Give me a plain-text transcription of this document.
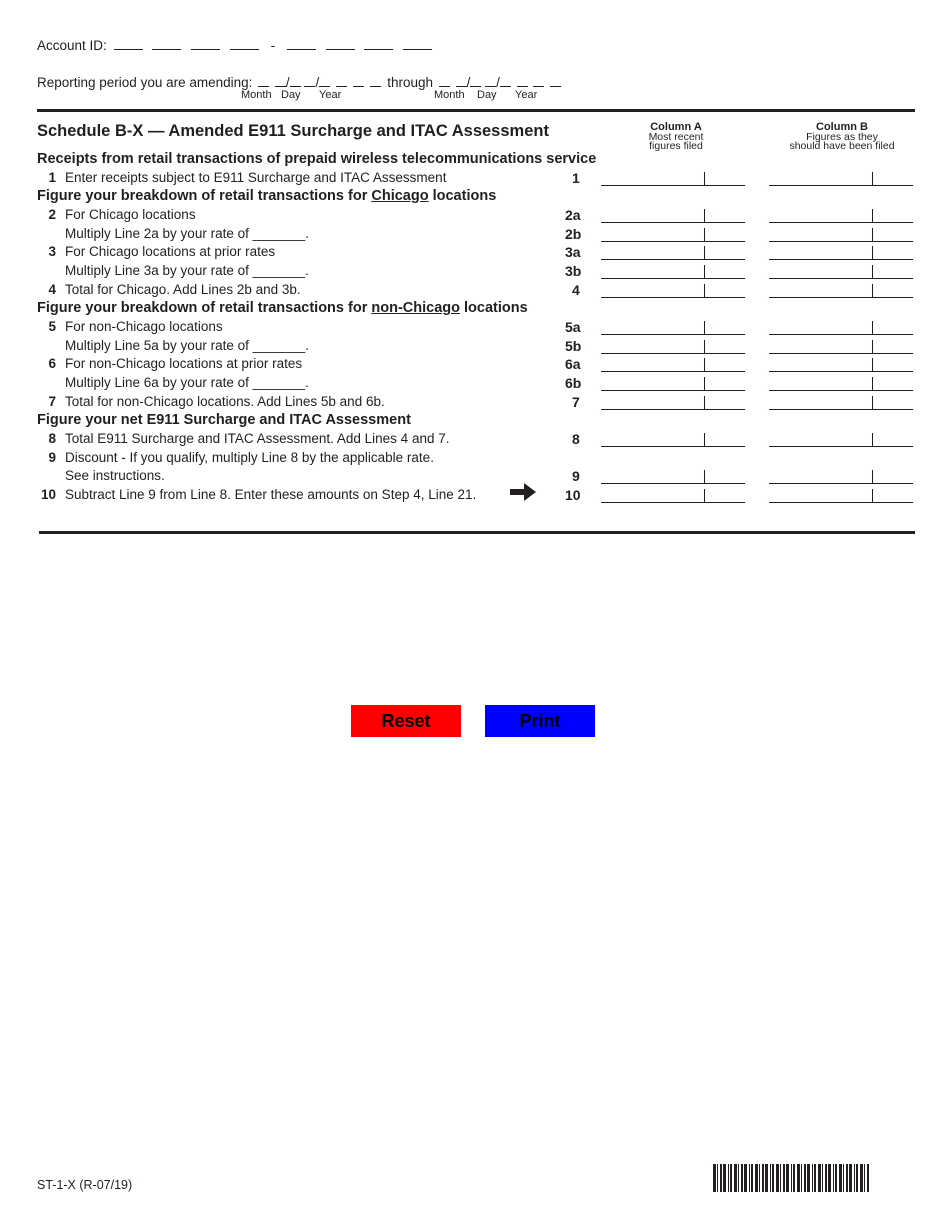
Account ID:	-
Reporting period you are amending: / /	through / /
Month Day Year	Month Day Year
Schedule B-X — Amended E911 Surcharge and ITAC Assessment	Column A
Most recent
figures filed
Column B
Figures as they
should have been filed
Receipts from retail transactions of prepaid wireless telecommunications service
1 Enter receipts subject to E911 Surcharge and ITAC Assessment	1
Figure your breakdown of retail transactions for Chicago locations
2 For Chicago locations	2a
Multiply Line 2a by your rate of _______.	2b
3 For Chicago locations at prior rates	3a
Multiply Line 3a by your rate of _______.	3b
4 Total for Chicago. Add Lines 2b and 3b.	4
Figure your breakdown of retail transactions for non-Chicago locations
5 For non-Chicago locations	5a
Multiply Line 5a by your rate of _______.	5b
6 For non-Chicago locations at prior rates	6a
Multiply Line 6a by your rate of _______.	6b
7 Total for non-Chicago locations. Add Lines 5b and 6b.	7
Figure your net E911 Surcharge and ITAC Assessment
8 Total E911 Surcharge and ITAC Assessment. Add Lines 4 and 7.	8
9 Discount - If you qualify, multiply Line 8 by the applicable rate.
See instructions.	9
10 Subtract Line 9 from Line 8. Enter these amounts on Step 4, Line 21.	10
Reset	Print
ST-1-X (R-07/19)
